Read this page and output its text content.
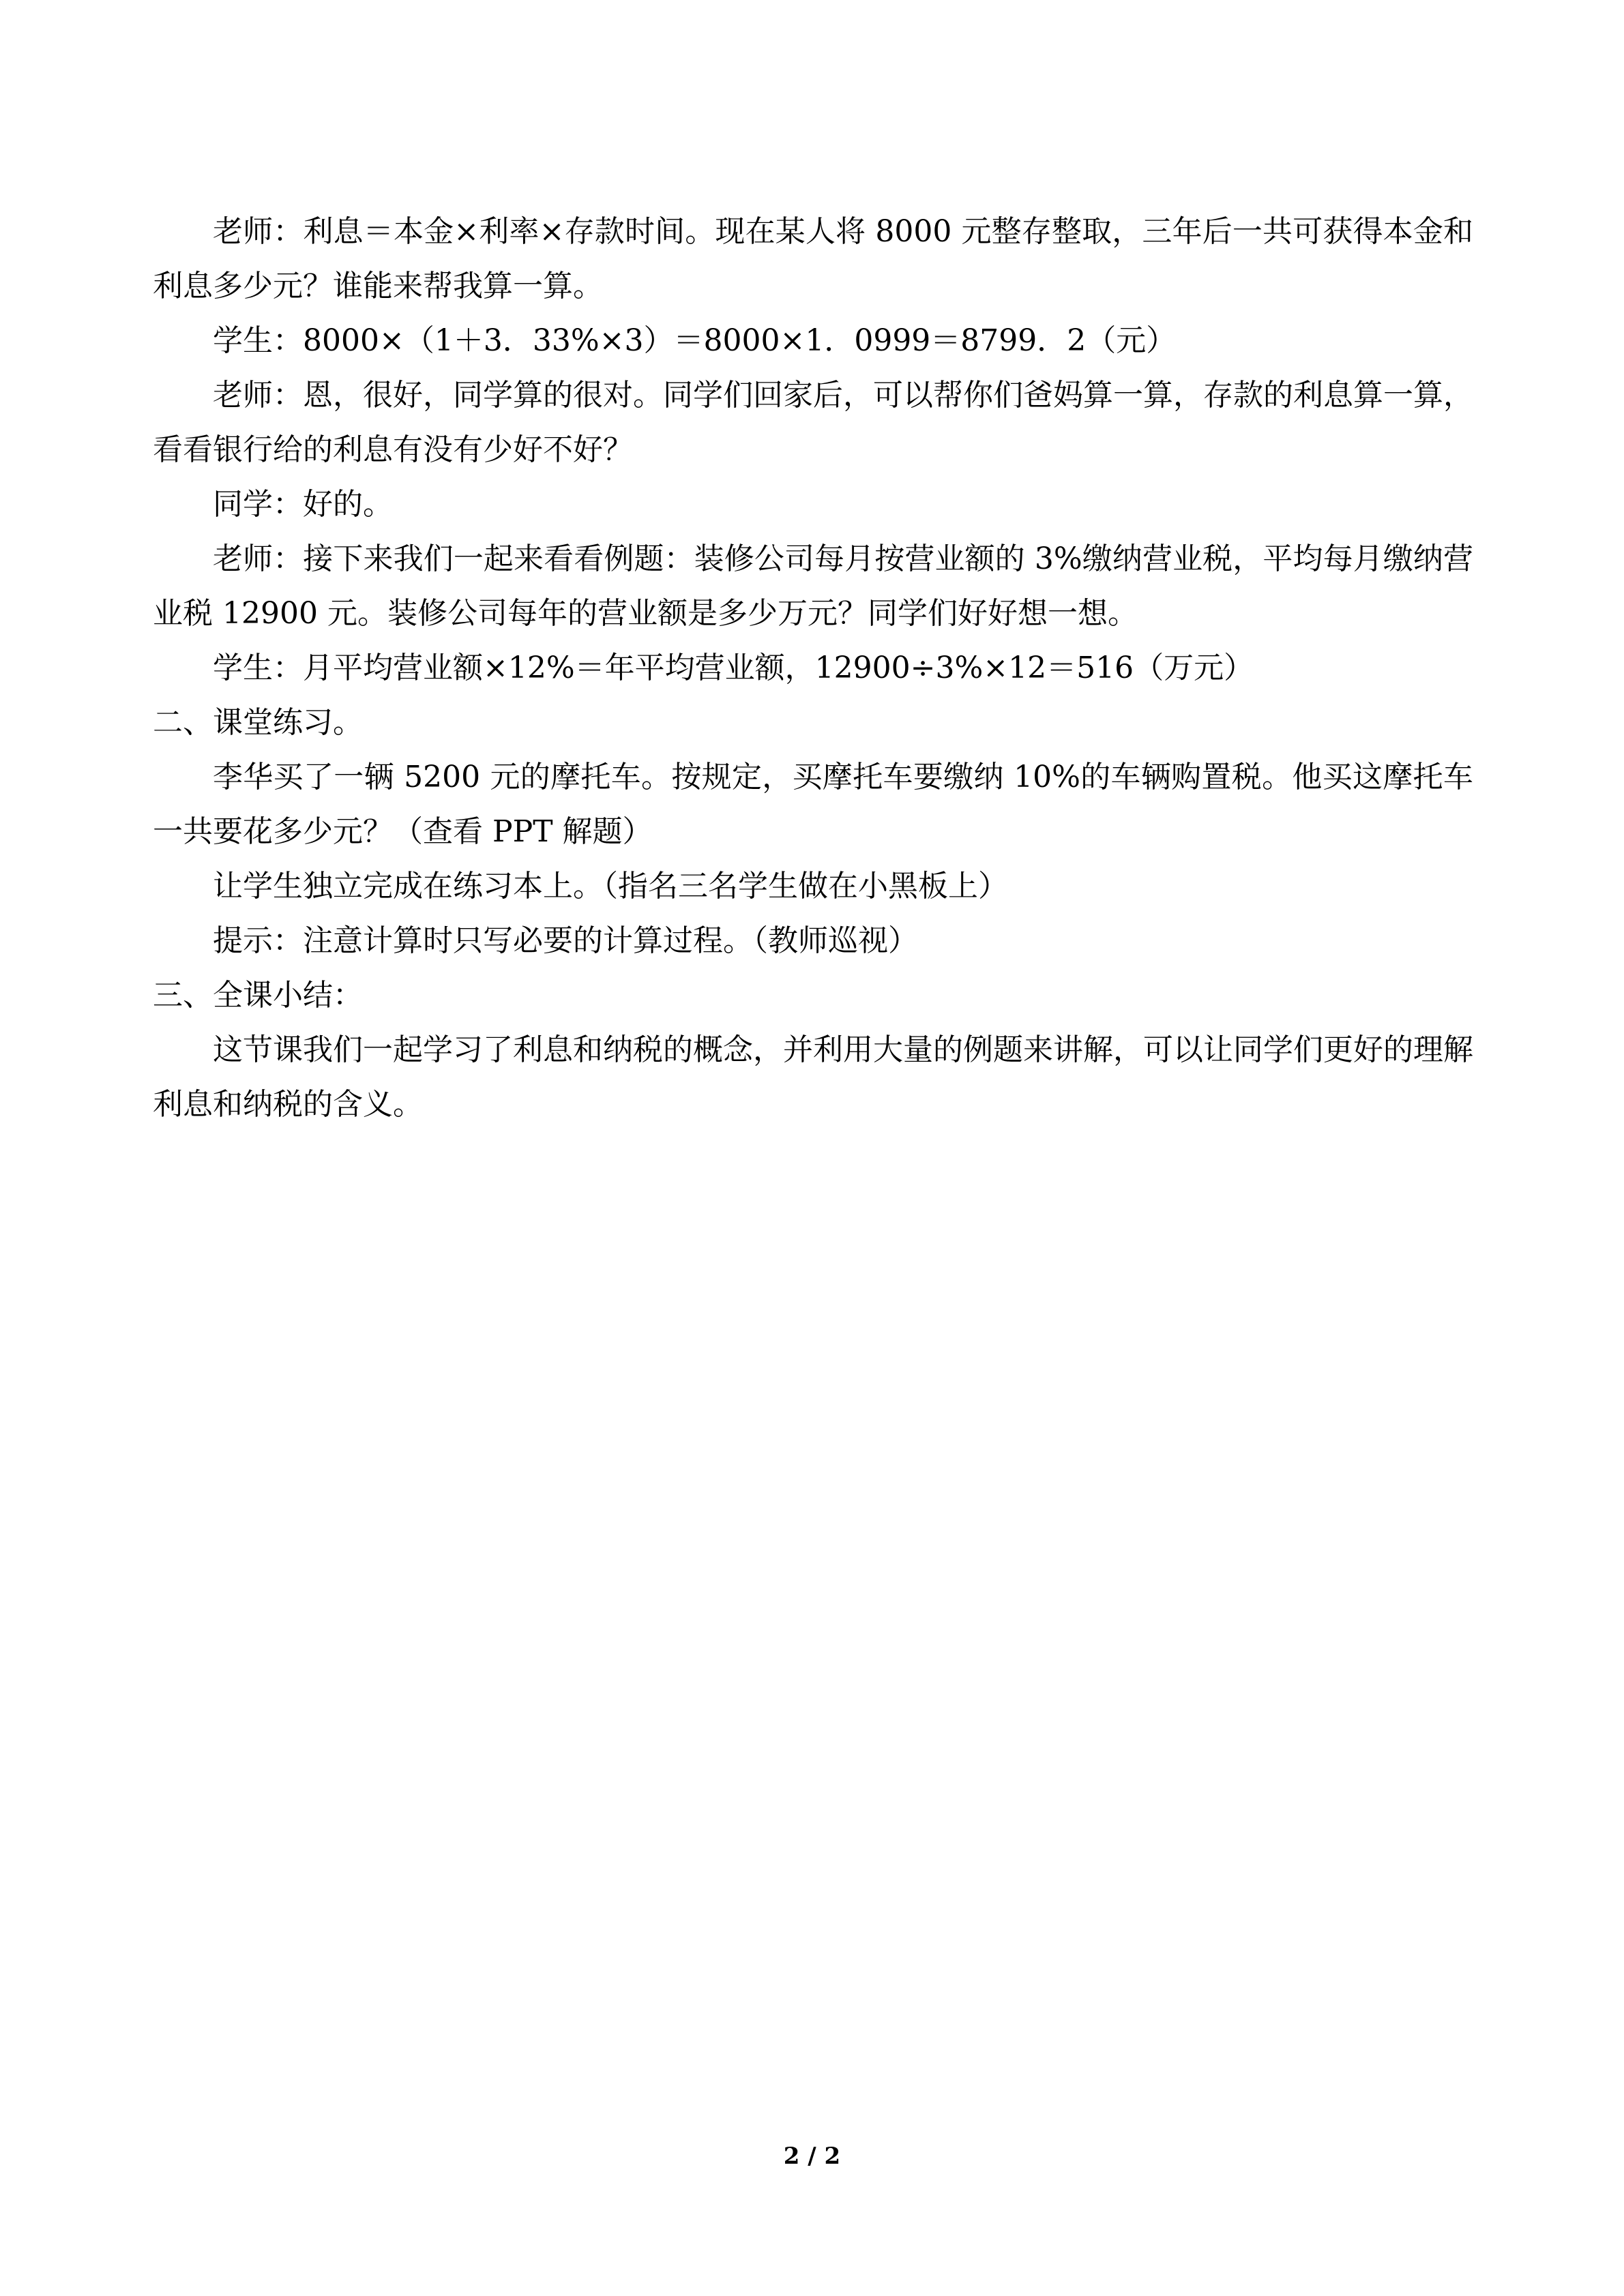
老师：利息＝本金×利率×存款时间。现在某人将 8000 元整存整取，三年后一共可获得本金和利息多少元？谁能来帮我算一算。

学生：8000×（1＋3．33%×3）＝8000×1．0999＝8799．2（元）

老师：恩，很好，同学算的很对。同学们回家后，可以帮你们爸妈算一算，存款的利息算一算，看看银行给的利息有没有少好不好？

同学：好的。

老师：接下来我们一起来看看例题：装修公司每月按营业额的 3%缴纳营业税，平均每月缴纳营业税 12900 元。装修公司每年的营业额是多少万元？同学们好好想一想。

学生：月平均营业额×12%＝年平均营业额，12900÷3%×12＝516（万元）

二、课堂练习。

李华买了一辆 5200 元的摩托车。按规定，买摩托车要缴纳 10%的车辆购置税。他买这摩托车一共要花多少元？（查看 PPT 解题）

让学生独立完成在练习本上。（指名三名学生做在小黑板上）

提示：注意计算时只写必要的计算过程。（教师巡视）

三、全课小结：

这节课我们一起学习了利息和纳税的概念，并利用大量的例题来讲解，可以让同学们更好的理解利息和纳税的含义。

2 / 2
